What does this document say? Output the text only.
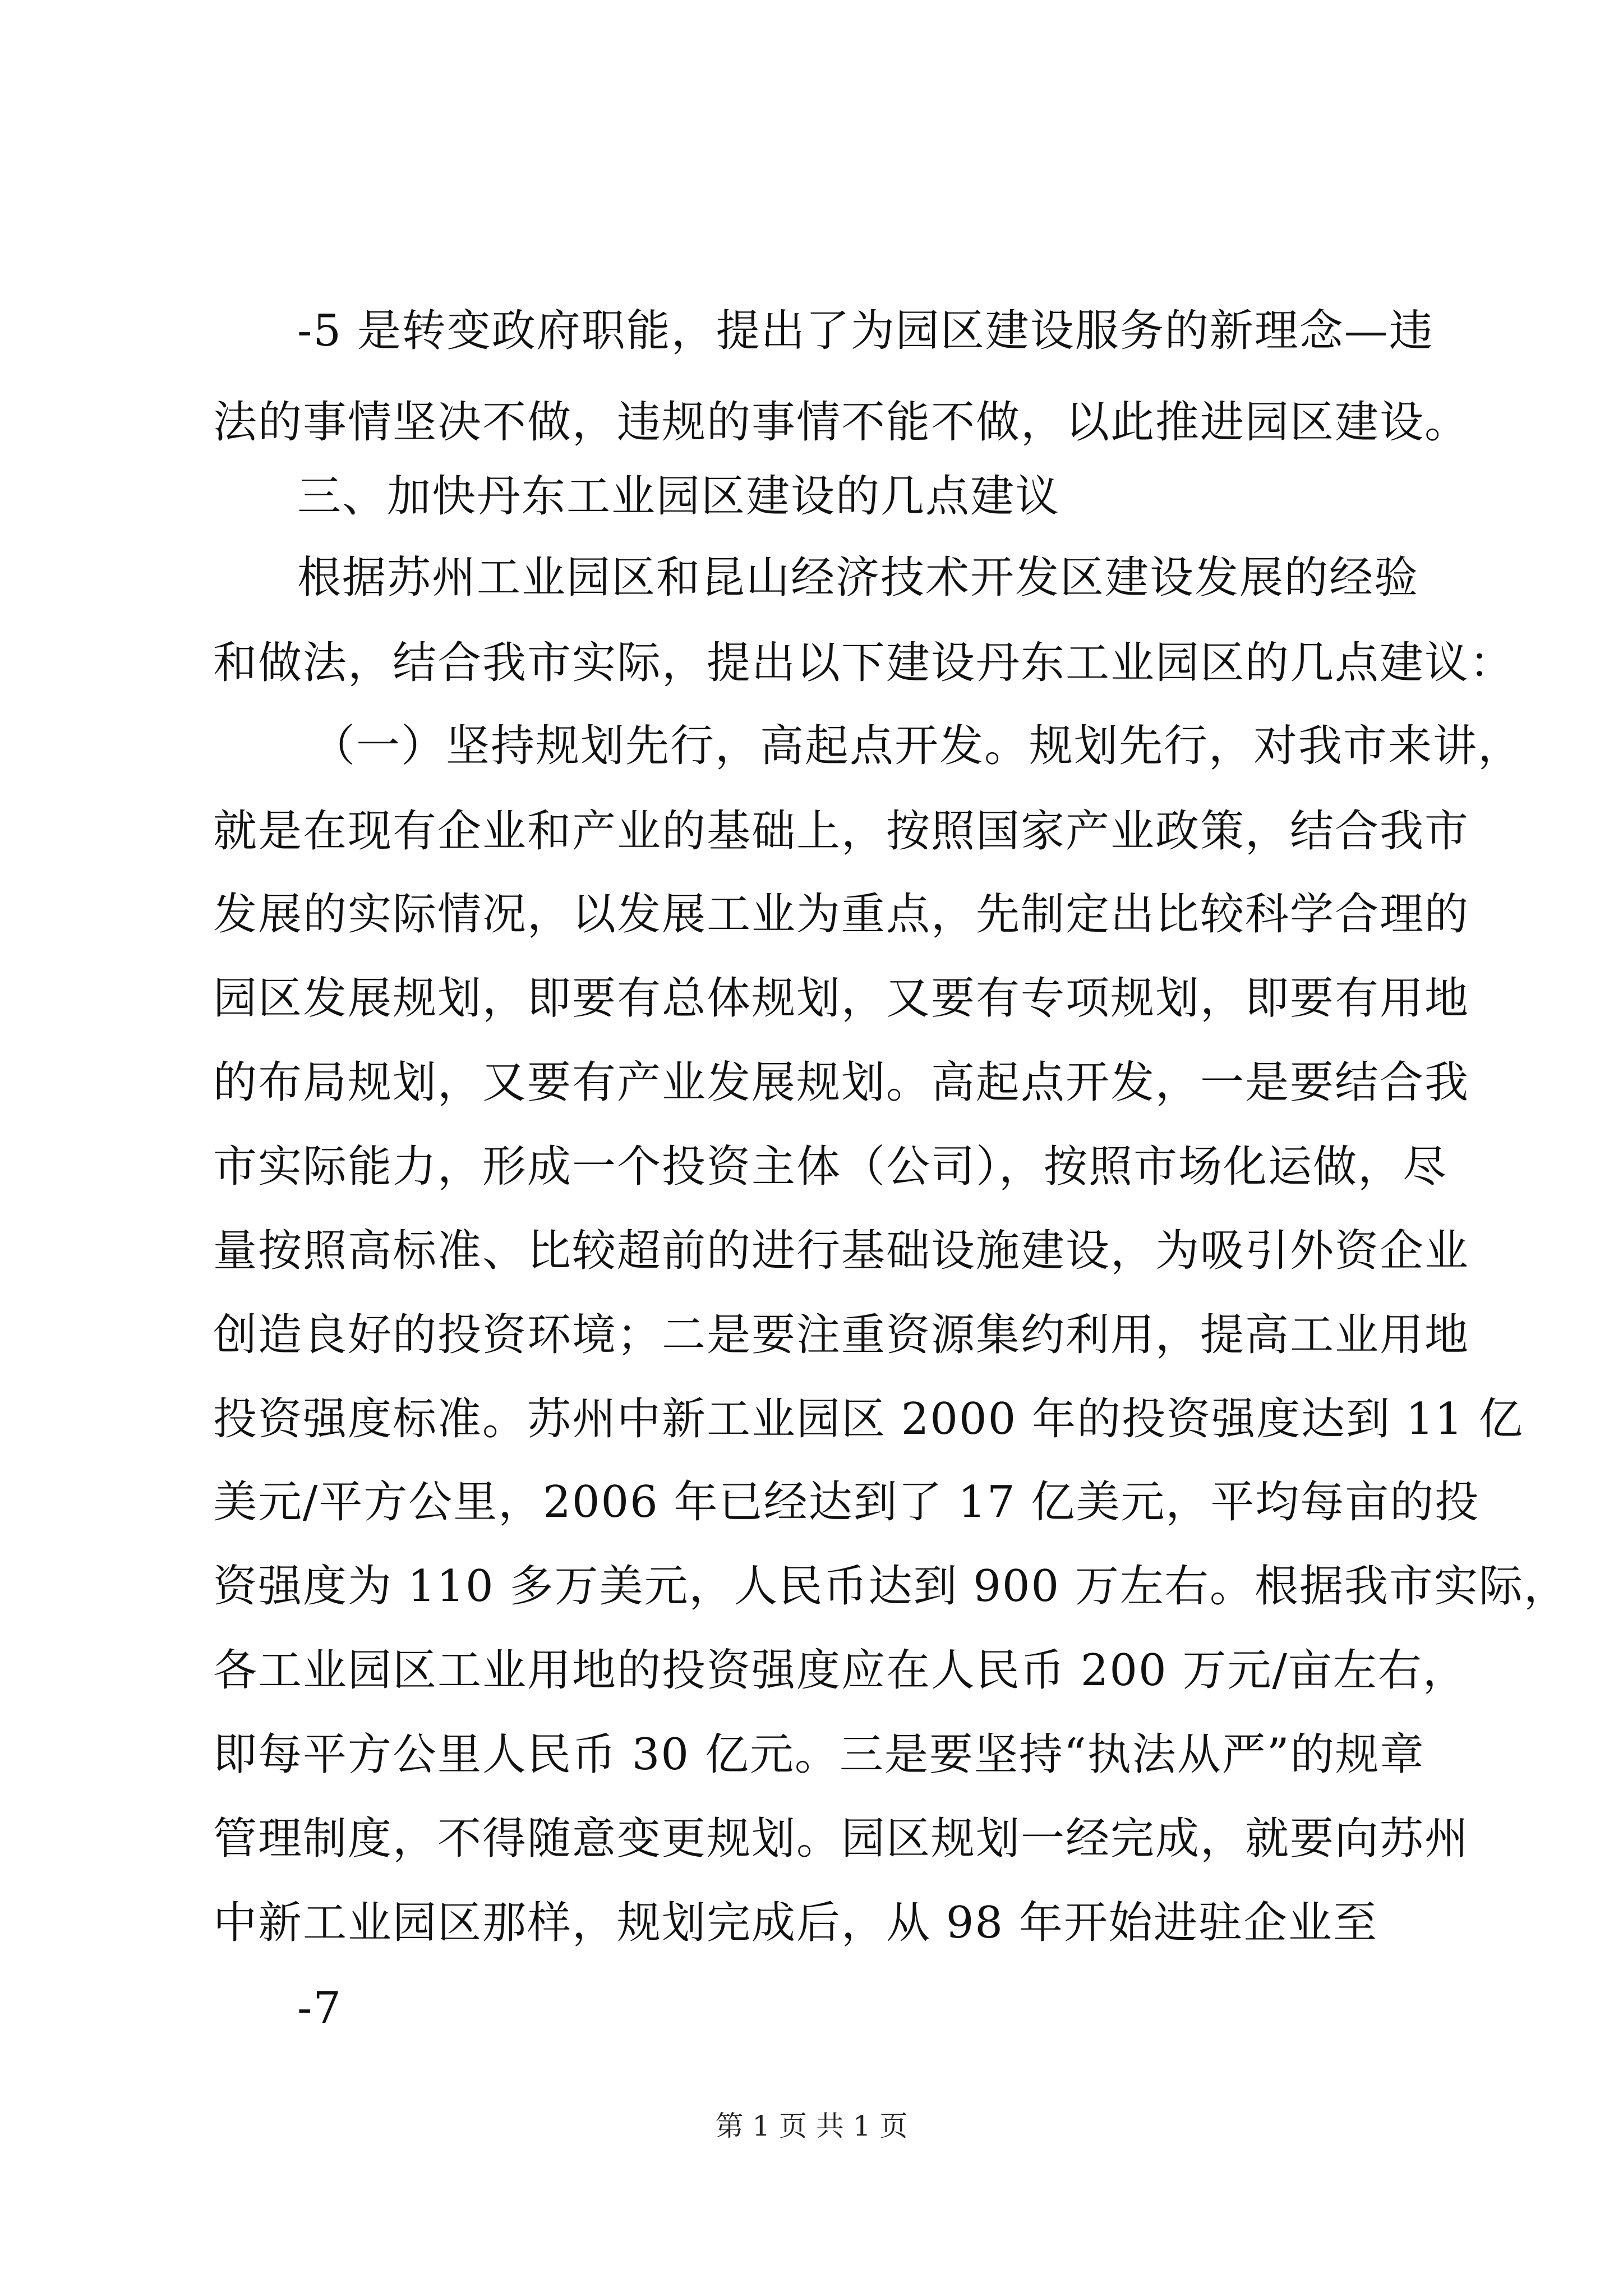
-5 是转变政府职能，提出了为园区建设服务的新理念—违
法的事情坚决不做，违规的事情不能不做，以此推进园区建设。
三、加快丹东工业园区建设的几点建议
根据苏州工业园区和昆山经济技术开发区建设发展的经验
和做法，结合我市实际，提出以下建设丹东工业园区的几点建议：
（一）坚持规划先行，高起点开发。规划先行，对我市来讲，
就是在现有企业和产业的基础上，按照国家产业政策，结合我市
发展的实际情况，以发展工业为重点，先制定出比较科学合理的
园区发展规划，即要有总体规划，又要有专项规划，即要有用地
的布局规划，又要有产业发展规划。高起点开发，一是要结合我
市实际能力，形成一个投资主体（公司），按照市场化运做，尽
量按照高标准、比较超前的进行基础设施建设，为吸引外资企业
创造良好的投资环境；二是要注重资源集约利用，提高工业用地
投资强度标准。苏州中新工业园区 2000 年的投资强度达到 11 亿
美元/平方公里，2006 年已经达到了 17 亿美元，平均每亩的投
资强度为 110 多万美元，人民币达到 900 万左右。根据我市实际，
各工业园区工业用地的投资强度应在人民币 200 万元/亩左右，
即每平方公里人民币 30 亿元。三是要坚持“执法从严”的规章
管理制度，不得随意变更规划。园区规划一经完成，就要向苏州
中新工业园区那样，规划完成后，从 98 年开始进驻企业至
-7
第 1 页 共 1 页
